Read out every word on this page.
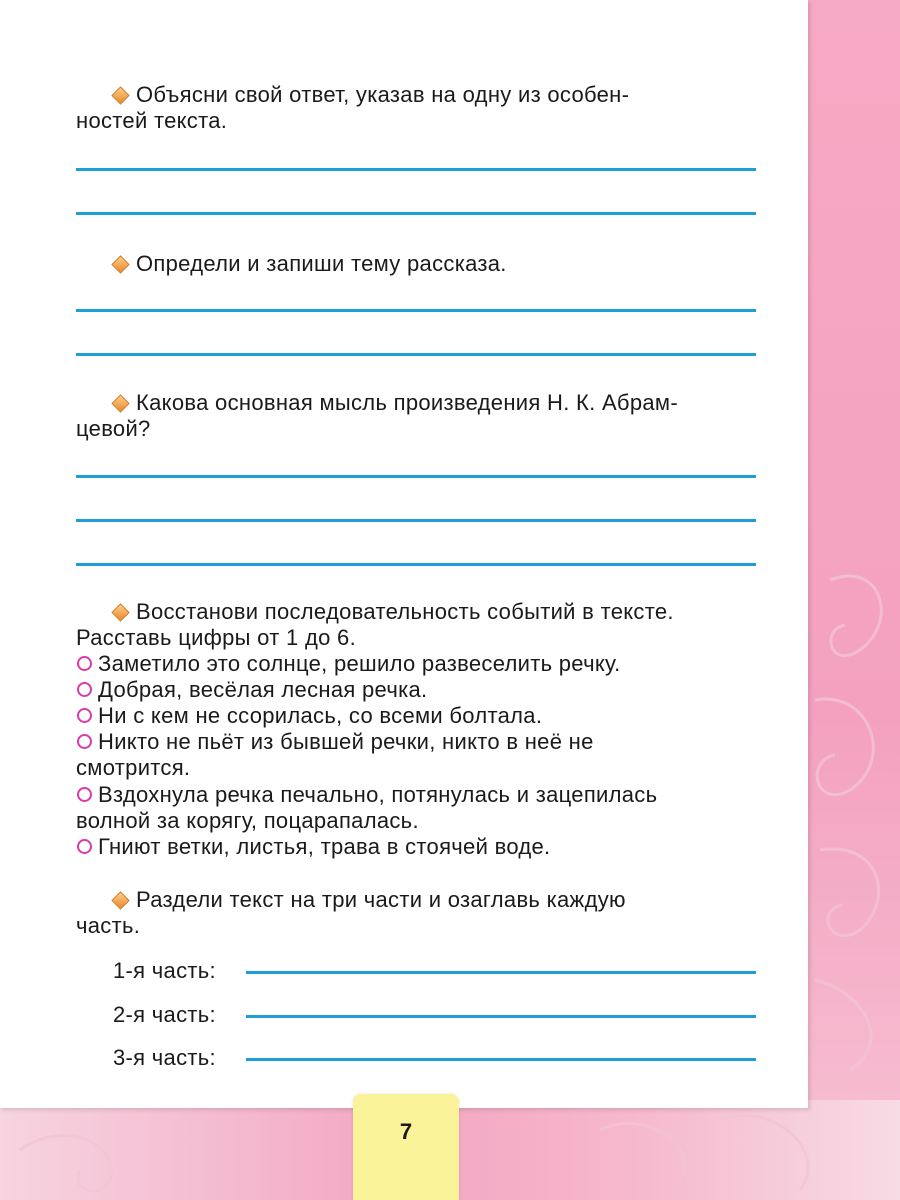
Объясни свой ответ, указав на одну из особен-
ностей текста.
Определи и запиши тему рассказа.
Какова основная мысль произведения Н. К. Абрам-
цевой?
Восстанови последовательность событий в тексте.
Расставь цифры от 1 до 6.
Заметило это солнце, решило развеселить речку.
Добрая, весёлая лесная речка.
Ни с кем не ссорилась, со всеми болтала.
Никто не пьёт из бывшей речки, никто в неё не
смотрится.
Вздохнула речка печально, потянулась и зацепилась
волной за корягу, поцарапалась.
Гниют ветки, листья, трава в стоячей воде.
Раздели текст на три части и озаглавь каждую
часть.
1-я часть:
2-я часть:
3-я часть:
7
